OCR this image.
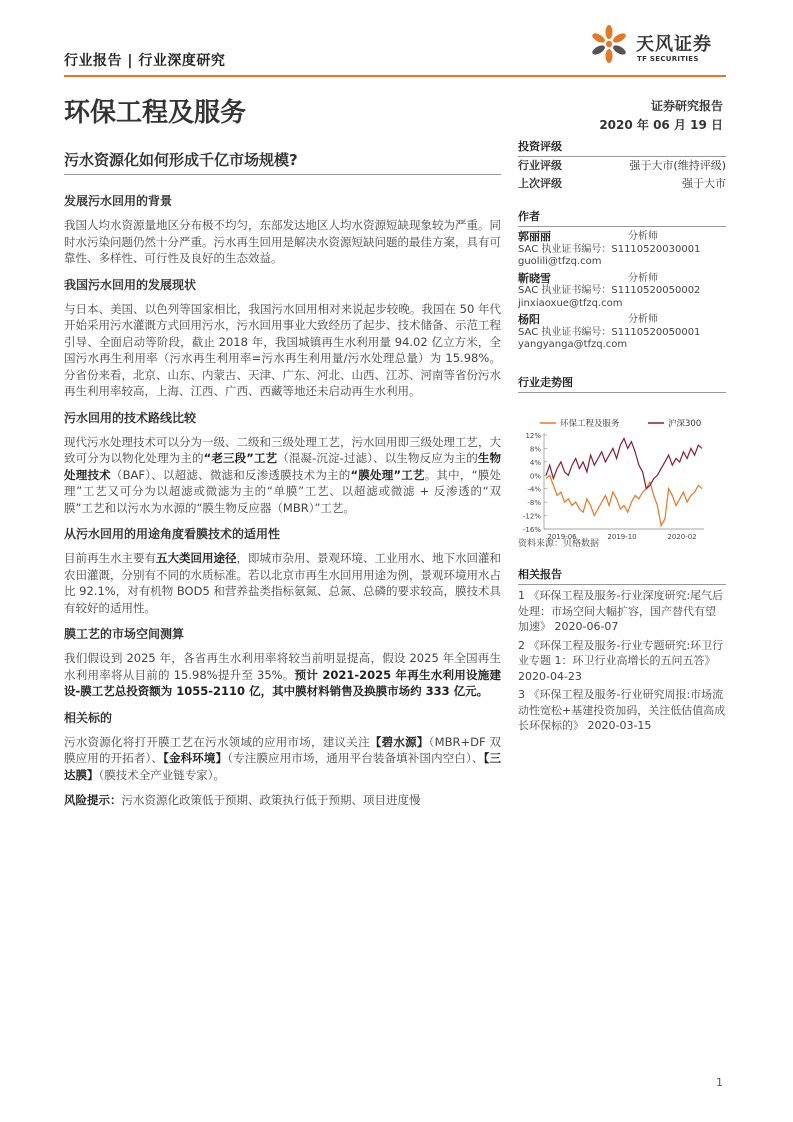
行业报告 | 行业深度研究
天风证券
TF SECURITIES
环保工程及服务	证券研究报告
2020 年 06 月 19 日
污水资源化如何形成千亿市场规模?
发展污水回用的背景

我国人均水资源量地区分布极不均匀，东部发达地区人均水资源短缺现象较为严重。同时水污染问题仍然十分严重。污水再生回用是解决水资源短缺问题的最佳方案，具有可靠性、多样性、可行性及良好的生态效益。

我国污水回用的发展现状

与日本、美国、以色列等国家相比，我国污水回用相对来说起步较晚。我国在 50 年代开始采用污水灌溉方式回用污水，污水回用事业大致经历了起步、技术储备、示范工程引导、全面启动等阶段，截止 2018 年，我国城镇再生水利用量 94.02 亿立方米，全国污水再生利用率（污水再生利用率=污水再生利用量/污水处理总量）为 15.98%。分省份来看，北京、山东、内蒙古、天津、广东、河北、山西、江苏、河南等省份污水再生利用率较高，上海、江西、广西、西藏等地还未启动再生水利用。

污水回用的技术路线比较

现代污水处理技术可以分为一级、二级和三级处理工艺，污水回用即三级处理工艺，大致可分为以物化处理为主的“老三段”工艺（混凝-沉淀-过滤）、以生物反应为主的生物处理技术（BAF）、以超滤、微滤和反渗透膜技术为主的“膜处理”工艺。其中，“膜处理”工艺又可分为以超滤或微滤为主的“单膜”工艺、以超滤或微滤 + 反渗透的“双膜”工艺和以污水为水源的“膜生物反应器（MBR）”工艺。

从污水回用的用途角度看膜技术的适用性

目前再生水主要有五大类回用途径，即城市杂用、景观环境、工业用水、地下水回灌和农田灌溉，分别有不同的水质标准。若以北京市再生水回用用途为例，景观环境用水占比 92.1%，对有机物 BOD5 和营养盐类指标氨氮、总氮、总磷的要求较高，膜技术具有较好的适用性。

膜工艺的市场空间测算

我们假设到 2025 年，各省再生水利用率将较当前明显提高，假设 2025 年全国再生水利用率将从目前的 15.98%提升至 35%。预计 2021-2025 年再生水利用设施建设-膜工艺总投资额为 1055-2110 亿，其中膜材料销售及换膜市场约 333 亿元。

相关标的

污水资源化将打开膜工艺在污水领域的应用市场，建议关注【碧水源】（MBR+DF 双膜应用的开拓者）、【金科环境】（专注膜应用市场，通用平台装备填补国内空白）、【三达膜】（膜技术全产业链专家）。

风险提示：污水资源化政策低于预期、政策执行低于预期、项目进度慢

投资评级
行业评级	强于大市(维持评级)
上次评级	强于大市
作者
郭丽丽	分析师
SAC 执业证书编号：S1110520030001
guolili@tfzq.com
靳晓雪	分析师
SAC 执业证书编号：S1110520050002
jinxiaoxue@tfzq.com
杨阳	分析师
SAC 执业证书编号：S1110520050001
yangyanga@tfzq.com
行业走势图
环保工程及服务	沪深300
12%
8%
4%
0%
-4%
-8%
-12%
-16%
2019-06	2019-10	2020-02
资料来源：贝格数据
相关报告
1 《环保工程及服务-行业深度研究:尾气后处理：市场空间大幅扩容，国产替代有望加速》 2020-06-07
2 《环保工程及服务-行业专题研究:环卫行业专题 1：环卫行业高增长的五问五答》 2020-04-23
3 《环保工程及服务-行业研究周报:市场流动性宽松+基建投资加码，关注低估值高成长环保标的》 2020-03-15
1
